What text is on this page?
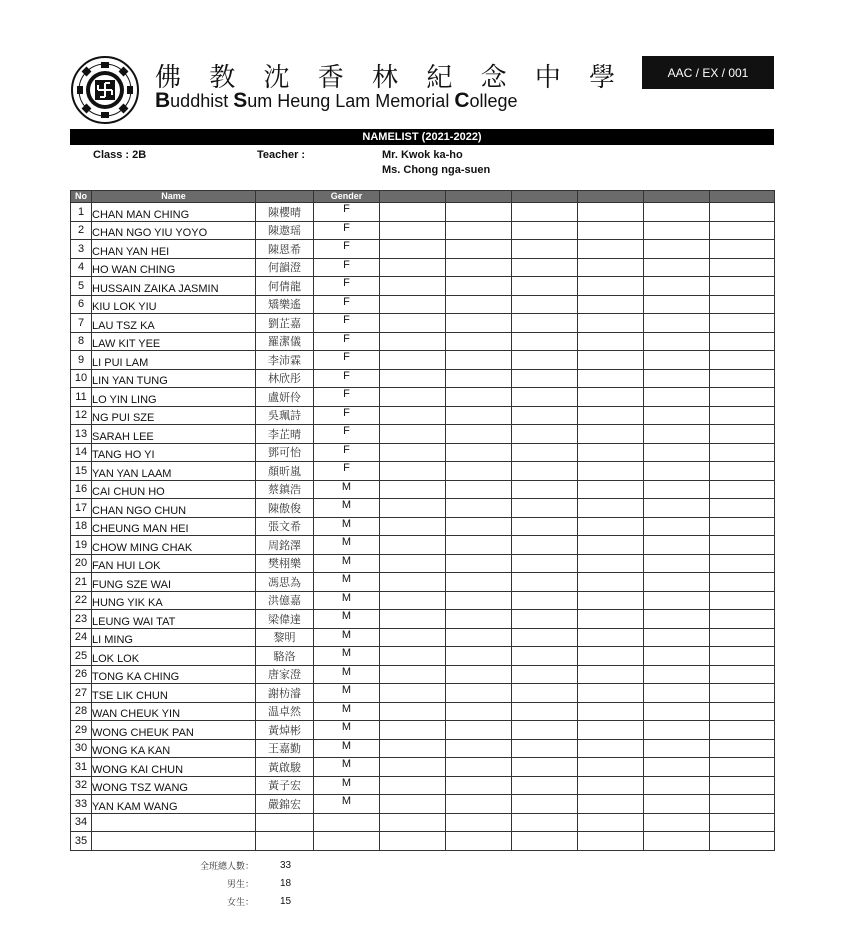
佛 教 沈 香 林 紀 念 中 學
Buddhist Sum Heung Lam Memorial College
AAC / EX / 001
NAMELIST (2021-2022)
Class : 2B	Teacher :	Mr. Kwok ka-ho
Ms. Chong nga-suen
No	Name		Gender						
1	CHAN MAN CHING	陳櫻晴	F						
2	CHAN NGO YIU YOYO	陳遨瑶	F						
3	CHAN YAN HEI	陳恩希	F						
4	HO WAN CHING	何韻澄	F						
5	HUSSAIN ZAIKA JASMIN	何倩龍	F						
6	KIU LOK YIU	矯樂遙	F						
7	LAU TSZ KA	劉芷嘉	F						
8	LAW KIT YEE	羅潔儀	F						
9	LI PUI LAM	李沛霖	F						
10	LIN YAN TUNG	林欣彤	F						
11	LO YIN LING	盧妍伶	F						
12	NG PUI SZE	吳珮詩	F						
13	SARAH LEE	李芷晴	F						
14	TANG HO YI	鄧可怡	F						
15	YAN YAN LAAM	顏昕嵐	F						
16	CAI CHUN HO	蔡鎮浩	M						
17	CHAN NGO CHUN	陳傲俊	M						
18	CHEUNG MAN HEI	張文希	M						
19	CHOW MING CHAK	周銘澤	M						
20	FAN HUI LOK	樊栩樂	M						
21	FUNG SZE WAI	馮思為	M						
22	HUNG YIK KA	洪億嘉	M						
23	LEUNG WAI TAT	梁偉達	M						
24	LI MING	黎明	M						
25	LOK LOK	駱洛	M						
26	TONG KA CHING	唐家澄	M						
27	TSE LIK CHUN	謝枋濬	M						
28	WAN CHEUK YIN	温卓然	M						
29	WONG CHEUK PAN	黃焯彬	M						
30	WONG KA KAN	王嘉勤	M						
31	WONG KAI CHUN	黃啟駿	M						
32	WONG TSZ WANG	黃子宏	M						
33	YAN KAM WANG	嚴錦宏	M						
34									
35									
全班總人數：	33
男生：	18
女生：	15
